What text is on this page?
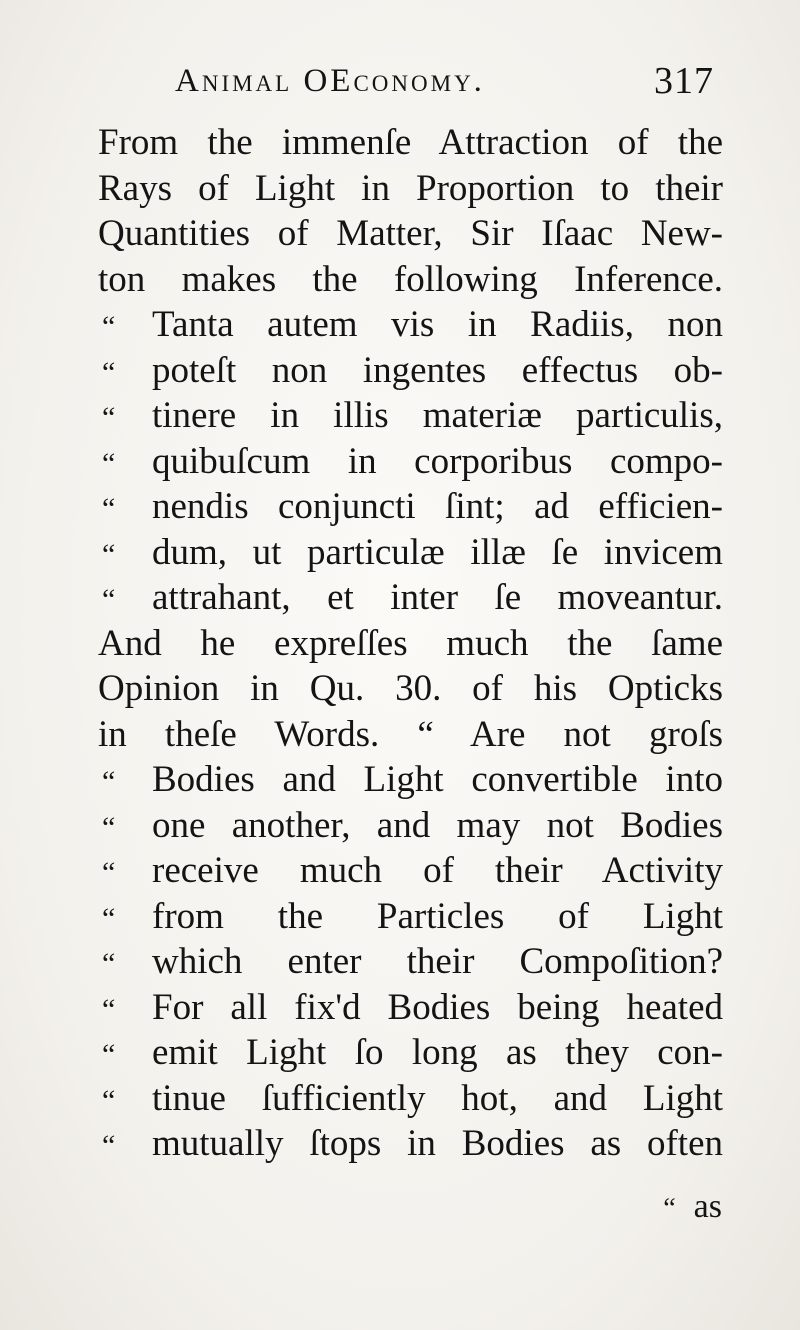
Animal OEconomy.	317
From the immenſe Attraction of the
Rays of Light in Proportion to their
Quantities of Matter, Sir Iſaac New-
ton makes the following Inference.
“ Tanta autem vis in Radiis, non
“ poteſt non ingentes effectus ob-
“ tinere in illis materiæ particulis,
“ quibuſcum in corporibus compo-
“ nendis conjuncti ſint; ad efficien-
“ dum, ut particulæ illæ ſe invicem
“ attrahant, et inter ſe moveantur.
And he expreſſes much the ſame
Opinion in Qu. 30. of his Opticks
in theſe Words. “ Are not groſs
“ Bodies and Light convertible into
“ one another, and may not Bodies
“ receive much of their Activity
“ from the Particles of Light
“ which enter their Compoſition?
“ For all fix'd Bodies being heated
“ emit Light ſo long as they con-
“ tinue ſufficiently hot, and Light
“ mutually ſtops in Bodies as often
“ as
